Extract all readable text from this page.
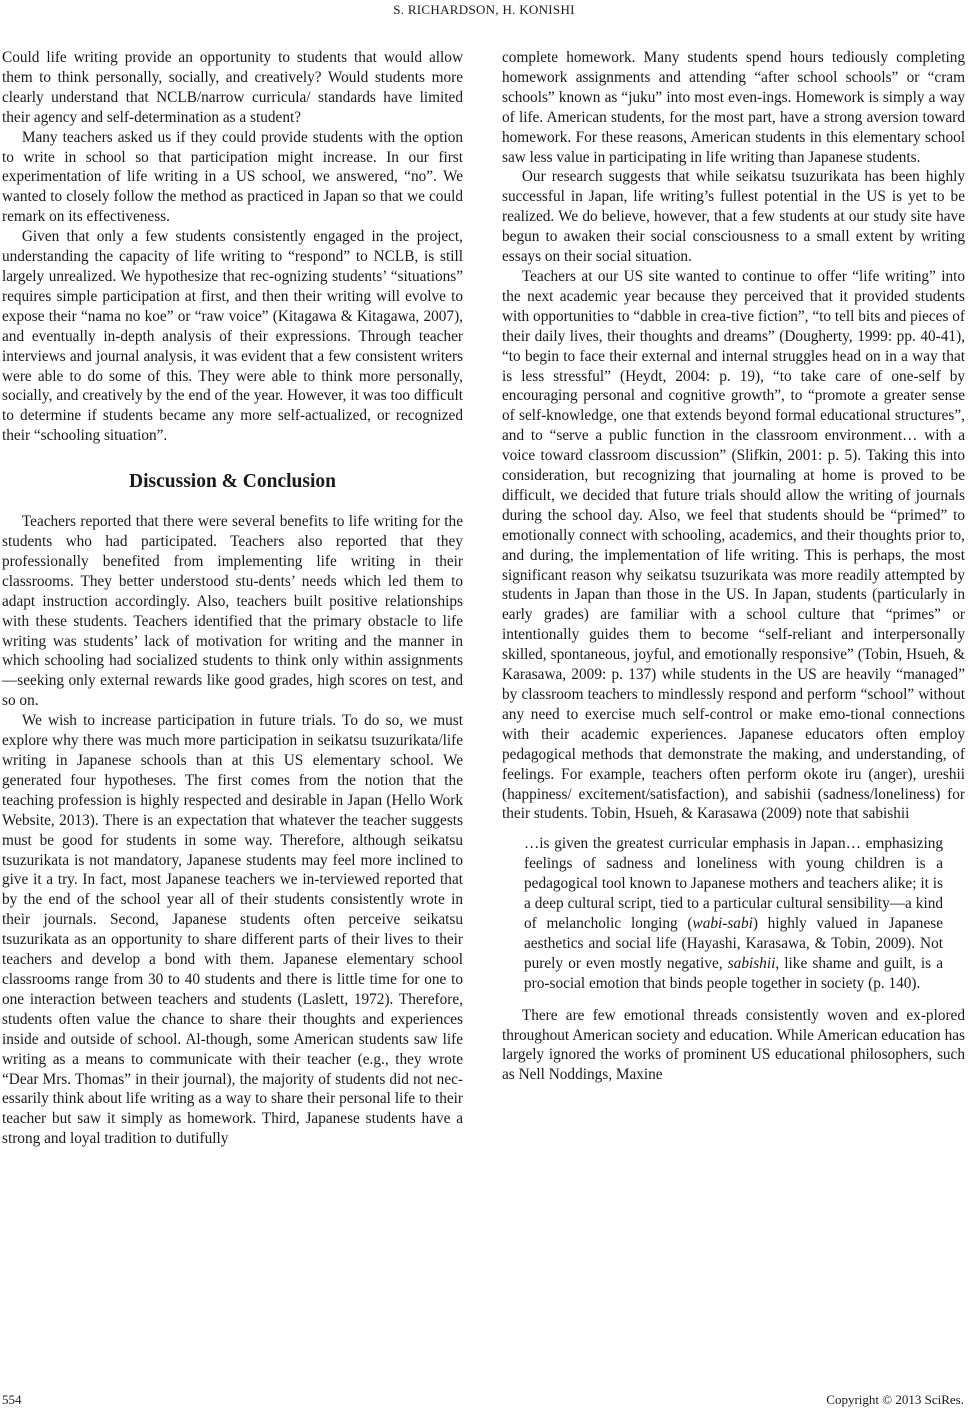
S. RICHARDSON, H. KONISHI

Could life writing provide an opportunity to students that would allow them to think personally, socially, and creatively? Would students more clearly understand that NCLB/narrow curricula/ standards have limited their agency and self-determination as a student?

Many teachers asked us if they could provide students with the option to write in school so that participation might increase. In our first experimentation of life writing in a US school, we answered, “no”. We wanted to closely follow the method as practiced in Japan so that we could remark on its effectiveness.

Given that only a few students consistently engaged in the project, understanding the capacity of life writing to “respond” to NCLB, is still largely unrealized. We hypothesize that rec-ognizing students’ “situations” requires simple participation at first, and then their writing will evolve to expose their “nama no koe” or “raw voice” (Kitagawa & Kitagawa, 2007), and eventually in-depth analysis of their expressions. Through teacher interviews and journal analysis, it was evident that a few consistent writers were able to do some of this. They were able to think more personally, socially, and creatively by the end of the year. However, it was too difficult to determine if students became any more self-actualized, or recognized their “schooling situation”.

Discussion & Conclusion

Teachers reported that there were several benefits to life writing for the students who had participated. Teachers also reported that they professionally benefited from implementing life writing in their classrooms. They better understood stu-dents’ needs which led them to adapt instruction accordingly. Also, teachers built positive relationships with these students. Teachers identified that the primary obstacle to life writing was students’ lack of motivation for writing and the manner in which schooling had socialized students to think only within assignments—seeking only external rewards like good grades, high scores on test, and so on.

We wish to increase participation in future trials. To do so, we must explore why there was much more participation in seikatsu tsuzurikata/life writing in Japanese schools than at this US elementary school. We generated four hypotheses. The first comes from the notion that the teaching profession is highly respected and desirable in Japan (Hello Work Website, 2013). There is an expectation that whatever the teacher suggests must be good for students in some way. Therefore, although seikatsu tsuzurikata is not mandatory, Japanese students may feel more inclined to give it a try. In fact, most Japanese teachers we in-terviewed reported that by the end of the school year all of their students consistently wrote in their journals. Second, Japanese students often perceive seikatsu tsuzurikata as an opportunity to share different parts of their lives to their teachers and develop a bond with them. Japanese elementary school classrooms range from 30 to 40 students and there is little time for one to one interaction between teachers and students (Laslett, 1972). Therefore, students often value the chance to share their thoughts and experiences inside and outside of school. Al-though, some American students saw life writing as a means to communicate with their teacher (e.g., they wrote “Dear Mrs. Thomas” in their journal), the majority of students did not nec-essarily think about life writing as a way to share their personal life to their teacher but saw it simply as homework. Third, Japanese students have a strong and loyal tradition to dutifully

complete homework. Many students spend hours tediously completing homework assignments and attending “after school schools” or “cram schools” known as “juku” into most even-ings. Homework is simply a way of life. American students, for the most part, have a strong aversion toward homework. For these reasons, American students in this elementary school saw less value in participating in life writing than Japanese students.

Our research suggests that while seikatsu tsuzurikata has been highly successful in Japan, life writing’s fullest potential in the US is yet to be realized. We do believe, however, that a few students at our study site have begun to awaken their social consciousness to a small extent by writing essays on their social situation.

Teachers at our US site wanted to continue to offer “life writing” into the next academic year because they perceived that it provided students with opportunities to “dabble in crea-tive fiction”, “to tell bits and pieces of their daily lives, their thoughts and dreams” (Dougherty, 1999: pp. 40-41), “to begin to face their external and internal struggles head on in a way that is less stressful” (Heydt, 2004: p. 19), “to take care of one-self by encouraging personal and cognitive growth”, to “promote a greater sense of self-knowledge, one that extends beyond formal educational structures”, and to “serve a public function in the classroom environment… with a voice toward classroom discussion” (Slifkin, 2001: p. 5). Taking this into consideration, but recognizing that journaling at home is proved to be difficult, we decided that future trials should allow the writing of journals during the school day. Also, we feel that students should be “primed” to emotionally connect with schooling, academics, and their thoughts prior to, and during, the implementation of life writing. This is perhaps, the most significant reason why seikatsu tsuzurikata was more readily attempted by students in Japan than those in the US. In Japan, students (particularly in early grades) are familiar with a school culture that “primes” or intentionally guides them to become “self-reliant and interpersonally skilled, spontaneous, joyful, and emotionally responsive” (Tobin, Hsueh, & Karasawa, 2009: p. 137) while students in the US are heavily “managed” by classroom teachers to mindlessly respond and perform “school” without any need to exercise much self-control or make emo-tional connections with their academic experiences. Japanese educators often employ pedagogical methods that demonstrate the making, and understanding, of feelings. For example, teachers often perform okote iru (anger), ureshii (happiness/ excitement/satisfaction), and sabishii (sadness/loneliness) for their students. Tobin, Hsueh, & Karasawa (2009) note that sabishii

…is given the greatest curricular emphasis in Japan… emphasizing feelings of sadness and loneliness with young children is a pedagogical tool known to Japanese mothers and teachers alike; it is a deep cultural script, tied to a particular cultural sensibility—a kind of melancholic longing (wabi-sabi) highly valued in Japanese aesthetics and social life (Hayashi, Karasawa, & Tobin, 2009). Not purely or even mostly negative, sabishii, like shame and guilt, is a pro-social emotion that binds people together in society (p. 140).

There are few emotional threads consistently woven and ex-plored throughout American society and education. While American education has largely ignored the works of prominent US educational philosophers, such as Nell Noddings, Maxine

554	Copyright © 2013 SciRes.
